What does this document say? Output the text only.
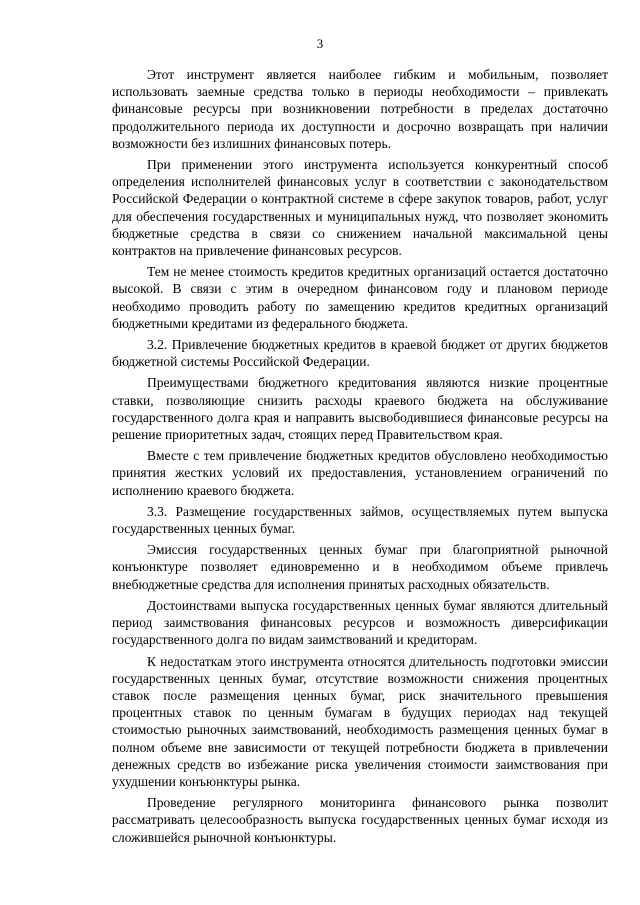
3

Этот инструмент является наиболее гибким и мобильным, позволяет использовать заемные средства только в периоды необходимости – привлекать финансовые ресурсы при возникновении потребности в пределах достаточно продолжительного периода их доступности и досрочно возвращать при наличии возможности без излишних финансовых потерь.

При применении этого инструмента используется конкурентный способ определения исполнителей финансовых услуг в соответствии с законодательством Российской Федерации о контрактной системе в сфере закупок товаров, работ, услуг для обеспечения государственных и муниципальных нужд, что позволяет экономить бюджетные средства в связи со снижением начальной максимальной цены контрактов на привлечение финансовых ресурсов.

Тем не менее стоимость кредитов кредитных организаций остается достаточно высокой. В связи с этим в очередном финансовом году и плановом периоде необходимо проводить работу по замещению кредитов кредитных организаций бюджетными кредитами из федерального бюджета.

3.2. Привлечение бюджетных кредитов в краевой бюджет от других бюджетов бюджетной системы Российской Федерации.

Преимуществами бюджетного кредитования являются низкие процентные ставки, позволяющие снизить расходы краевого бюджета на обслуживание государственного долга края и направить высвободившиеся финансовые ресурсы на решение приоритетных задач, стоящих перед Правительством края.

Вместе с тем привлечение бюджетных кредитов обусловлено необходимостью принятия жестких условий их предоставления, установлением ограничений по исполнению краевого бюджета.

3.3. Размещение государственных займов, осуществляемых путем выпуска государственных ценных бумаг.

Эмиссия государственных ценных бумаг при благоприятной рыночной конъюнктуре позволяет единовременно и в необходимом объеме привлечь внебюджетные средства для исполнения принятых расходных обязательств.

Достоинствами выпуска государственных ценных бумаг являются длительный период заимствования финансовых ресурсов и возможность диверсификации государственного долга по видам заимствований и кредиторам.

К недостаткам этого инструмента относятся длительность подготовки эмиссии государственных ценных бумаг, отсутствие возможности снижения процентных ставок после размещения ценных бумаг, риск значительного превышения процентных ставок по ценным бумагам в будущих периодах над текущей стоимостью рыночных заимствований, необходимость размещения ценных бумаг в полном объеме вне зависимости от текущей потребности бюджета в привлечении денежных средств во избежание риска увеличения стоимости заимствования при ухудшении конъюнктуры рынка.

Проведение регулярного мониторинга финансового рынка позволит рассматривать целесообразность выпуска государственных ценных бумаг исходя из сложившейся рыночной конъюнктуры.
